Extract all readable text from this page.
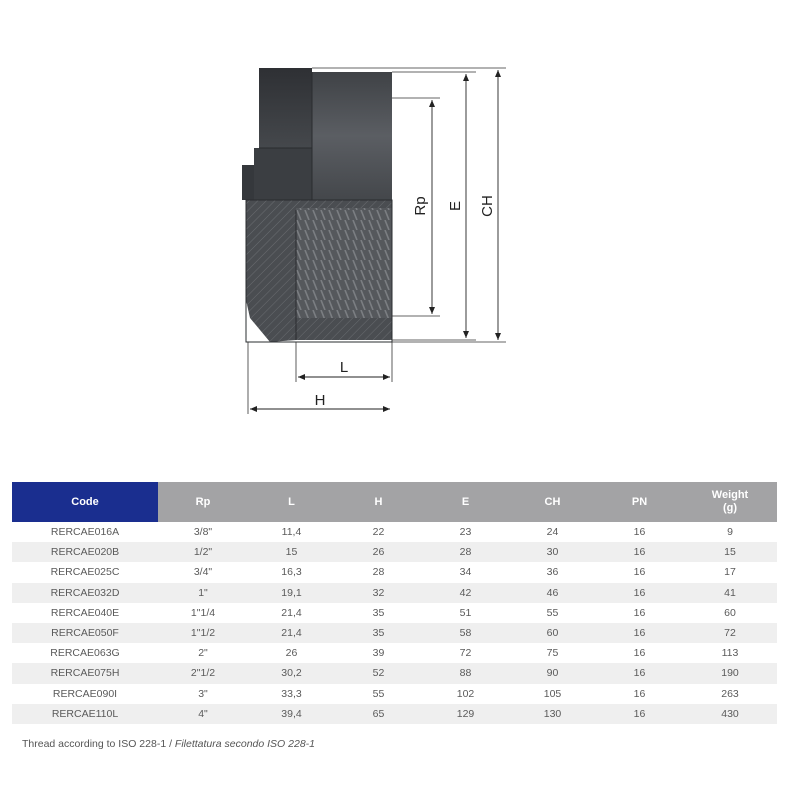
Rp E CH
L
H
Code	Rp	L	H	E	CH	PN	Weight
(g)
RERCAE016A	3/8"	11,4	22	23	24	16	9
RERCAE020B	1/2"	15	26	28	30	16	15
RERCAE025C	3/4"	16,3	28	34	36	16	17
RERCAE032D	1"	19,1	32	42	46	16	41
RERCAE040E	1"1/4	21,4	35	51	55	16	60
RERCAE050F	1"1/2	21,4	35	58	60	16	72
RERCAE063G	2"	26	39	72	75	16	113
RERCAE075H	2"1/2	30,2	52	88	90	16	190
RERCAE090I	3"	33,3	55	102	105	16	263
RERCAE110L	4"	39,4	65	129	130	16	430
Thread according to ISO 228-1 / Filettatura secondo ISO 228-1
